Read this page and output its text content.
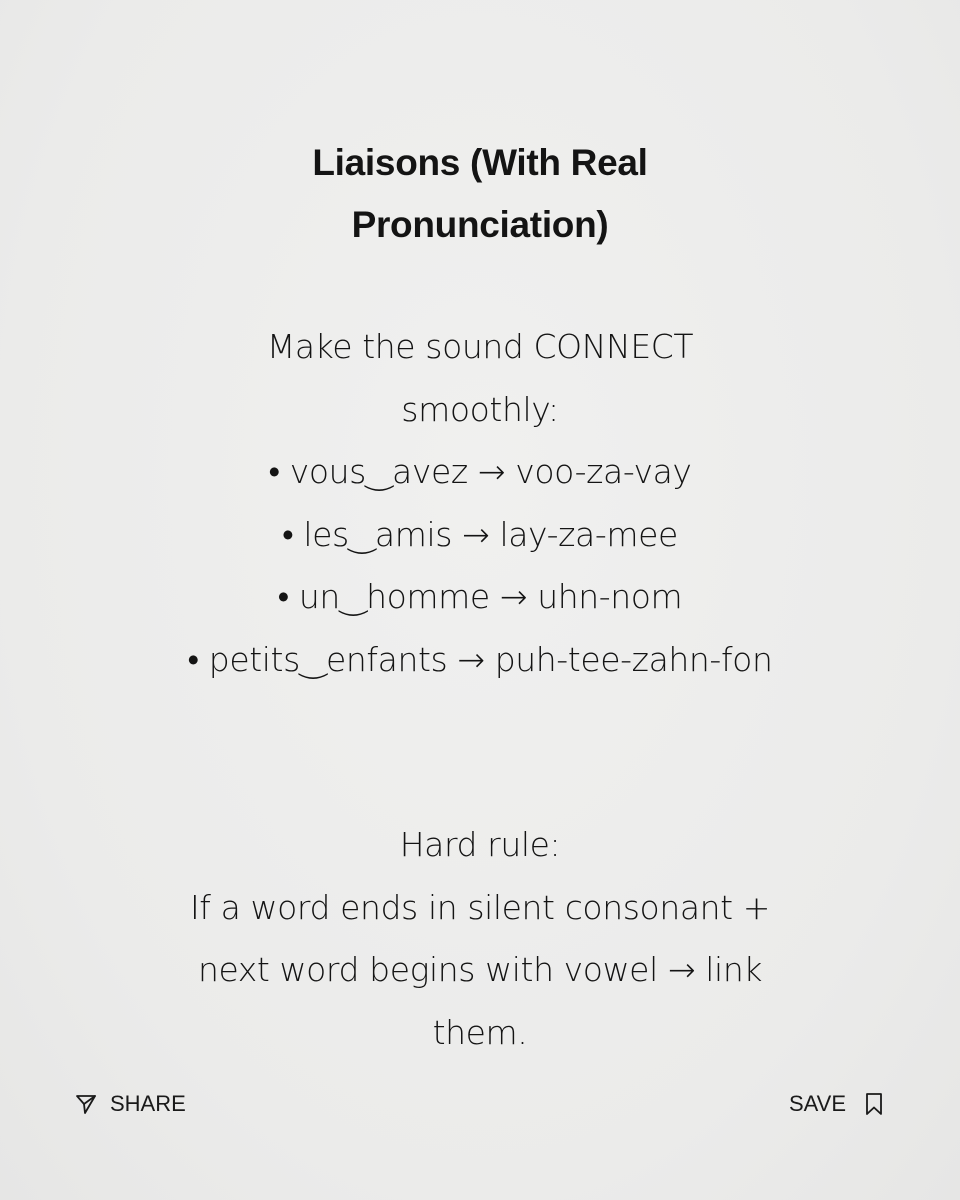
Liaisons (With Real
Pronunciation)
Make the sound CONNECT
smoothly:
• vous‿avez → voo-za-vay
• les‿amis → lay-za-mee
• un‿homme → uhn-nom
• petits‿enfants → puh-tee-zahn-fon
Hard rule:
If a word ends in silent consonant +
next word begins with vowel → link
them.
SHARE	SAVE
